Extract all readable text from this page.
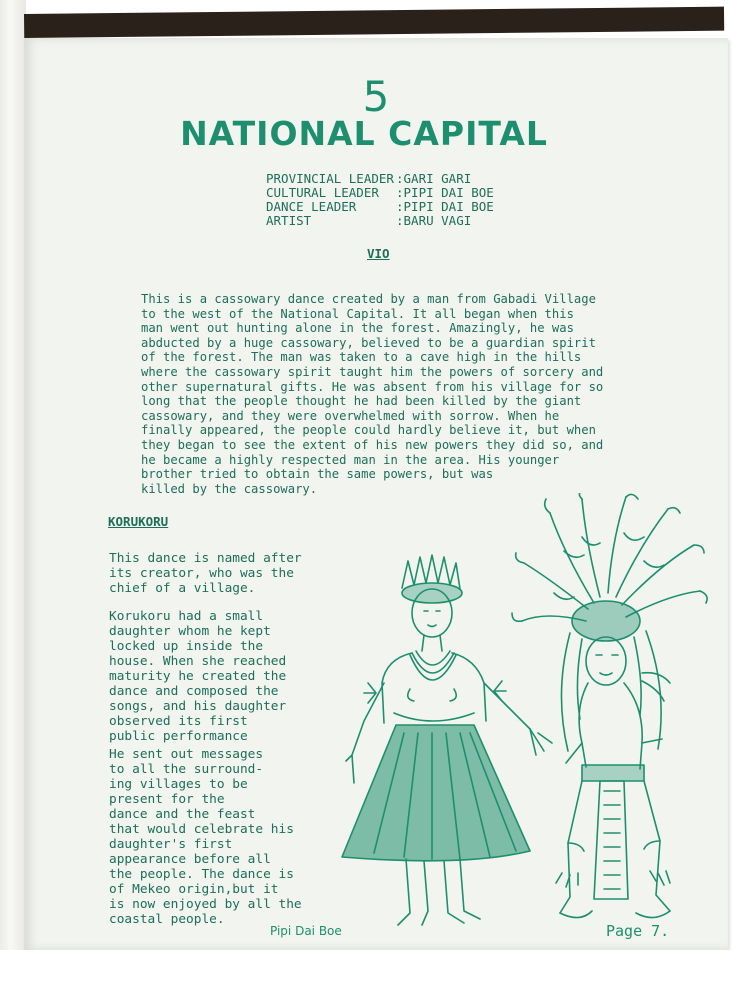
5
NATIONAL CAPITAL
PROVINCIAL LEADER :GARI GARI
CULTURAL LEADER :PIPI DAI BOE
DANCE LEADER	:PIPI DAI BOE
ARTIST	:BARU VAGI
VIO
This is a cassowary dance created by a man from Gabadi Village
to the west of the National Capital. It all began when this
man went out hunting alone in the forest. Amazingly, he was
abducted by a huge cassowary, believed to be a guardian spirit
of the forest. The man was taken to a cave high in the hills
where the cassowary spirit taught him the powers of sorcery and
other supernatural gifts. He was absent from his village for so
long that the people thought he had been killed by the giant
cassowary, and they were overwhelmed with sorrow. When he
finally appeared, the people could hardly believe it, but when
they began to see the extent of his new powers they did so, and
he became a highly respected man in the area. His younger
brother tried to obtain the same powers, but was
killed by the cassowary.
KORUKORU
This dance is named after
its creator, who was the
chief of a village.
Korukoru had a small
daughter whom he kept
locked up inside the
house. When she reached
maturity he created the
dance and composed the
songs, and his daughter
observed its first
public performance
He sent out messages
to all the surround-
ing villages to be
present for the
dance and the feast
that would celebrate his
daughter's first
appearance before all
the people. The dance is
of Mekeo origin,but it
is now enjoyed by all the
coastal people.
Pipi Dai Boe	Page 7.
